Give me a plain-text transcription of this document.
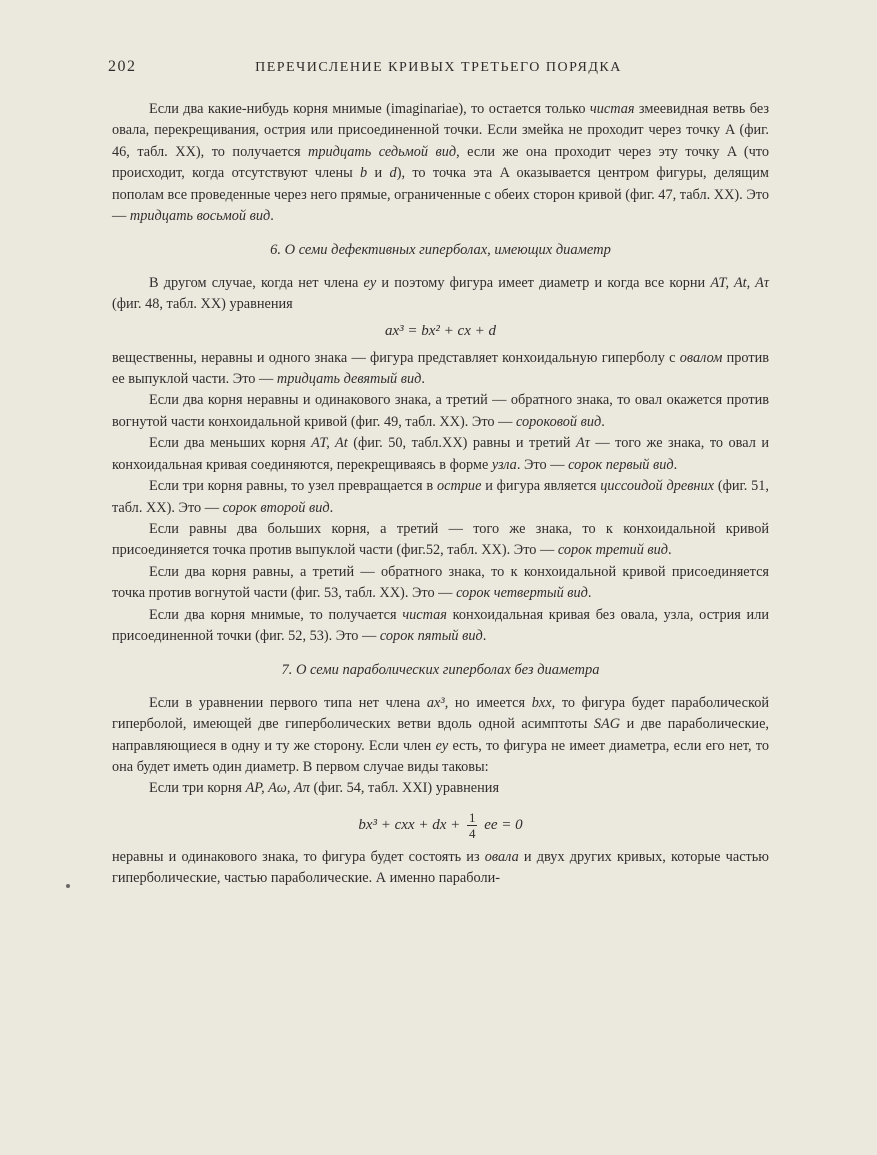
202	ПЕРЕЧИСЛЕНИЕ КРИВЫХ ТРЕТЬЕГО ПОРЯДКА

Если два какие-нибудь корня мнимые (imaginariae), то остается только чистая змеевидная ветвь без овала, перекрещивания, острия или присоединенной точки. Если змейка не проходит через точку A (фиг. 46, табл. XX), то получается тридцать седьмой вид, если же она проходит через эту точку A (что происходит, когда отсутствуют члены b и d), то точка эта A оказывается центром фигуры, делящим пополам все проведенные через него прямые, ограниченные с обеих сторон кривой (фиг. 47, табл. XX). Это — тридцать восьмой вид.

6. О семи дефективных гиперболах, имеющих диаметр

В другом случае, когда нет члена ey и поэтому фигура имеет диаметр и когда все корни AT, At, Aτ (фиг. 48, табл. XX) уравнения

ax³ = bx² + cx + d

вещественны, неравны и одного знака — фигура представляет конхоидальную гиперболу с овалом против ее выпуклой части. Это — тридцать девятый вид.

Если два корня неравны и одинакового знака, а третий — обратного знака, то овал окажется против вогнутой части конхоидальной кривой (фиг. 49, табл. XX). Это — сороковой вид.

Если два меньших корня AT, At (фиг. 50, табл.XX) равны и третий Aτ — того же знака, то овал и конхоидальная кривая соединяются, перекрещиваясь в форме узла. Это — сорок первый вид.

Если три корня равны, то узел превращается в острие и фигура является циссоидой древних (фиг. 51, табл. XX). Это — сорок второй вид.

Если равны два больших корня, а третий — того же знака, то к конхоидальной кривой присоединяется точка против выпуклой части (фиг.52, табл. XX). Это — сорок третий вид.

Если два корня равны, а третий — обратного знака, то к конхоидальной кривой присоединяется точка против вогнутой части (фиг. 53, табл. XX). Это — сорок четвертый вид.

Если два корня мнимые, то получается чистая конхоидальная кривая без овала, узла, острия или присоединенной точки (фиг. 52, 53). Это — сорок пятый вид.

7. О семи параболических гиперболах без диаметра

Если в уравнении первого типа нет члена ax³, но имеется bxx, то фигура будет параболической гиперболой, имеющей две гиперболических ветви вдоль одной асимптоты SAG и две параболические, направляющиеся в одну и ту же сторону. Если член ey есть, то фигура не имеет диаметра, если его нет, то она будет иметь один диаметр. В первом случае виды таковы:

Если три корня AP, Aω, Aπ (фиг. 54, табл. XXI) уравнения

bx³ + cxx + dx + $\frac{1}{4}$ ee = 0

неравны и одинакового знака, то фигура будет состоять из овала и двух других кривых, которые частью гиперболические, частью параболические. А именно параболи-
